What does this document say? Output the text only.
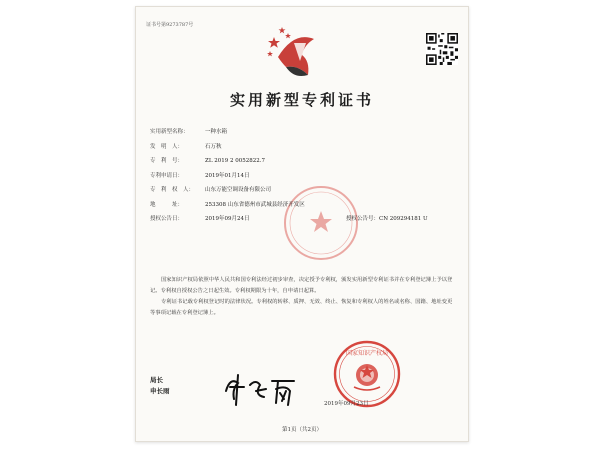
证书号第9273787号
实用新型专利证书
实用新型名称：	一种水箱
发　明　人：	石万秋
专　利　号：	ZL 2019 2 0052822.7
专利申请日：	2019年01月14日
专　利　权　人：	山东万能空调设备有限公司
地　　　址：	253308 山东省德州市武城县经济开发区
授权公告日：	2019年09月24日	授权公告号：CN 209294181 U

国家知识产权局依照中华人民共和国专利法经过初步审查，决定授予专利权，颁发实用新型专利证书并在专利登记簿上予以登记。专利权自授权公告之日起生效。专利权期限为十年，自申请日起算。

专利证书记载专利权登记时的法律状况。专利权的转移、质押、无效、终止、恢复和专利权人的姓名或名称、国籍、地址变更等事项记载在专利登记簿上。

局长
申长雨
国家知识产权局
2019年09月23日
第1页（共2页）
